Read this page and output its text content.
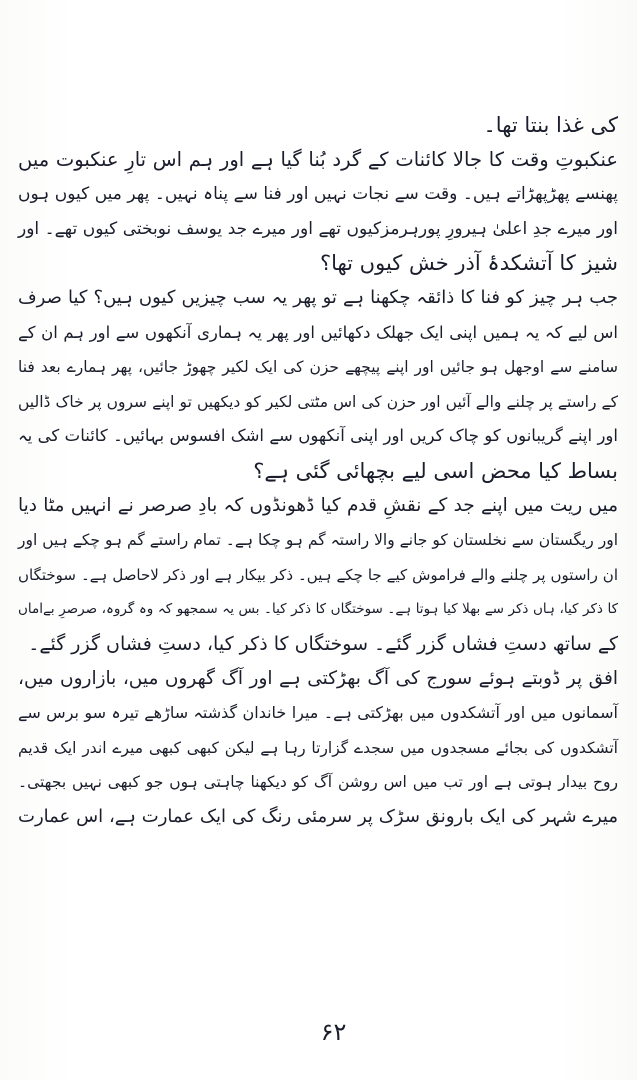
کی غذا بنتا تھا۔
عنکبوتِ وقت کا جالا کائنات کے گرد بُنا گیا ہے اور ہم اس تارِ عنکبوت میں
پھنسے پھڑپھڑاتے ہیں۔ وقت سے نجات نہیں اور فنا سے پناہ نہیں۔ پھر میں کیوں ہوں
اور میرے جدِ اعلیٰ ہیرورِ پورہرمزکیوں تھے اور میرے جد یوسف نوبختی کیوں تھے۔ اور
شیز کا آتشکدۂ آذر خش کیوں تھا؟
جب ہر چیز کو فنا کا ذائقہ چکھنا ہے تو پھر یہ سب چیزیں کیوں ہیں؟ کیا صرف
اس لیے کہ یہ ہمیں اپنی ایک جھلک دکھائیں اور پھر یہ ہماری آنکھوں سے اور ہم ان کے
سامنے سے اوجھل ہو جائیں اور اپنے پیچھے حزن کی ایک لکیر چھوڑ جائیں، پھر ہمارے بعد فنا
کے راستے پر چلنے والے آئیں اور حزن کی اس مٹتی لکیر کو دیکھیں تو اپنے سروں پر خاک ڈالیں
اور اپنے گریبانوں کو چاک کریں اور اپنی آنکھوں سے اشک افسوس بہائیں۔ کائنات کی یہ
بساط کیا محض اسی لیے بچھائی گئی ہے؟
میں ریت میں اپنے جد کے نقشِ قدم کیا ڈھونڈوں کہ بادِ صرصر نے انہیں مٹا دیا
اور ریگستان سے نخلستان کو جانے والا راستہ گم ہو چکا ہے۔ تمام راستے گم ہو چکے ہیں اور
ان راستوں پر چلنے والے فراموش کیے جا چکے ہیں۔ ذکر بیکار ہے اور ذکر لاحاصل ہے۔ سوختگاں
کا ذکر کیا، ہاں ذکر سے بھلا کیا ہوتا ہے۔ سوختگاں کا ذکر کیا۔ بس یہ سمجھو کہ وہ گروہ، صرصرِ بےاماں
کے ساتھ دستِ فشاں گزر گئے۔ سوختگاں کا ذکر کیا، دستِ فشاں گزر گئے۔
افق پر ڈوبتے ہوئے سورج کی آگ بھڑکتی ہے اور آگ گھروں میں، بازاروں میں،
آسمانوں میں اور آتشکدوں میں بھڑکتی ہے۔ میرا خاندان گذشتہ ساڑھے تیرہ سو برس سے
آتشکدوں کی بجائے مسجدوں میں سجدے گزارتا رہا ہے لیکن کبھی کبھی میرے اندر ایک قدیم
روح بیدار ہوتی ہے اور تب میں اس روشن آگ کو دیکھنا چاہتی ہوں جو کبھی نہیں بجھتی۔
میرے شہر کی ایک بارونق سڑک پر سرمئی رنگ کی ایک عمارت ہے، اس عمارت
۶۲
